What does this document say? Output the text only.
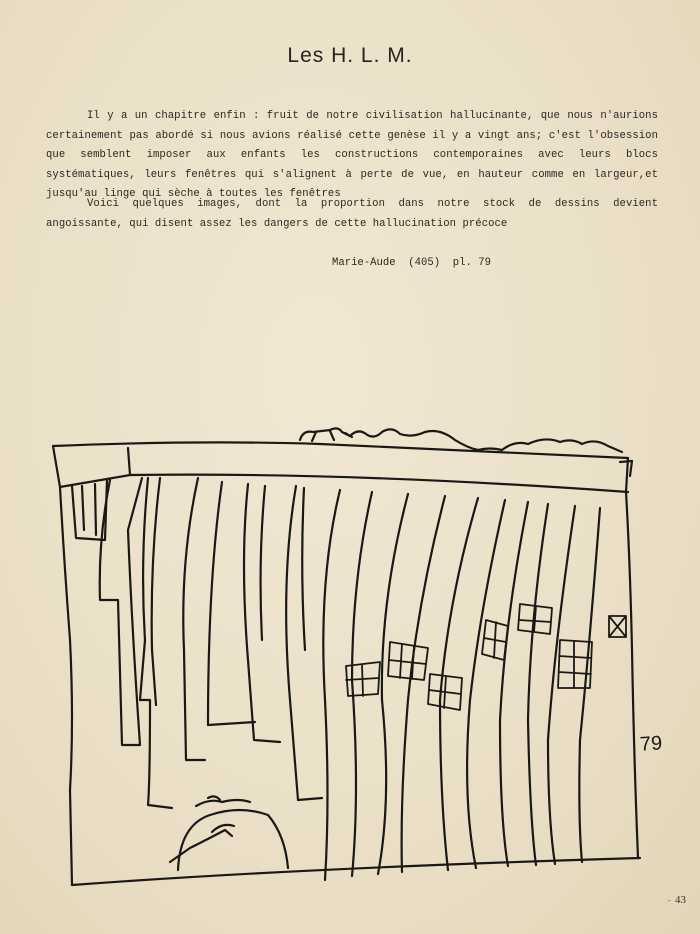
Les H. L. M.
Il y a un chapitre enfin : fruit de notre civilisation hallucinante, que nous n'aurions certainement pas abordé si nous avions réalisé cette genèse il y a vingt ans; c'est l'obsession que semblent imposer aux enfants les constructions contemporaines avec leurs blocs systématiques, leurs fenêtres qui s'alignent à perte de vue, en hauteur comme en largeur,et jusqu'au linge qui sèche à toutes les fenêtres
Voici quelques images, dont la proportion dans notre stock de dessins devient angoissante, qui disent assez les dangers de cette hallucination précoce
Marie-Aude  (405)  pl. 79
79
- 43
